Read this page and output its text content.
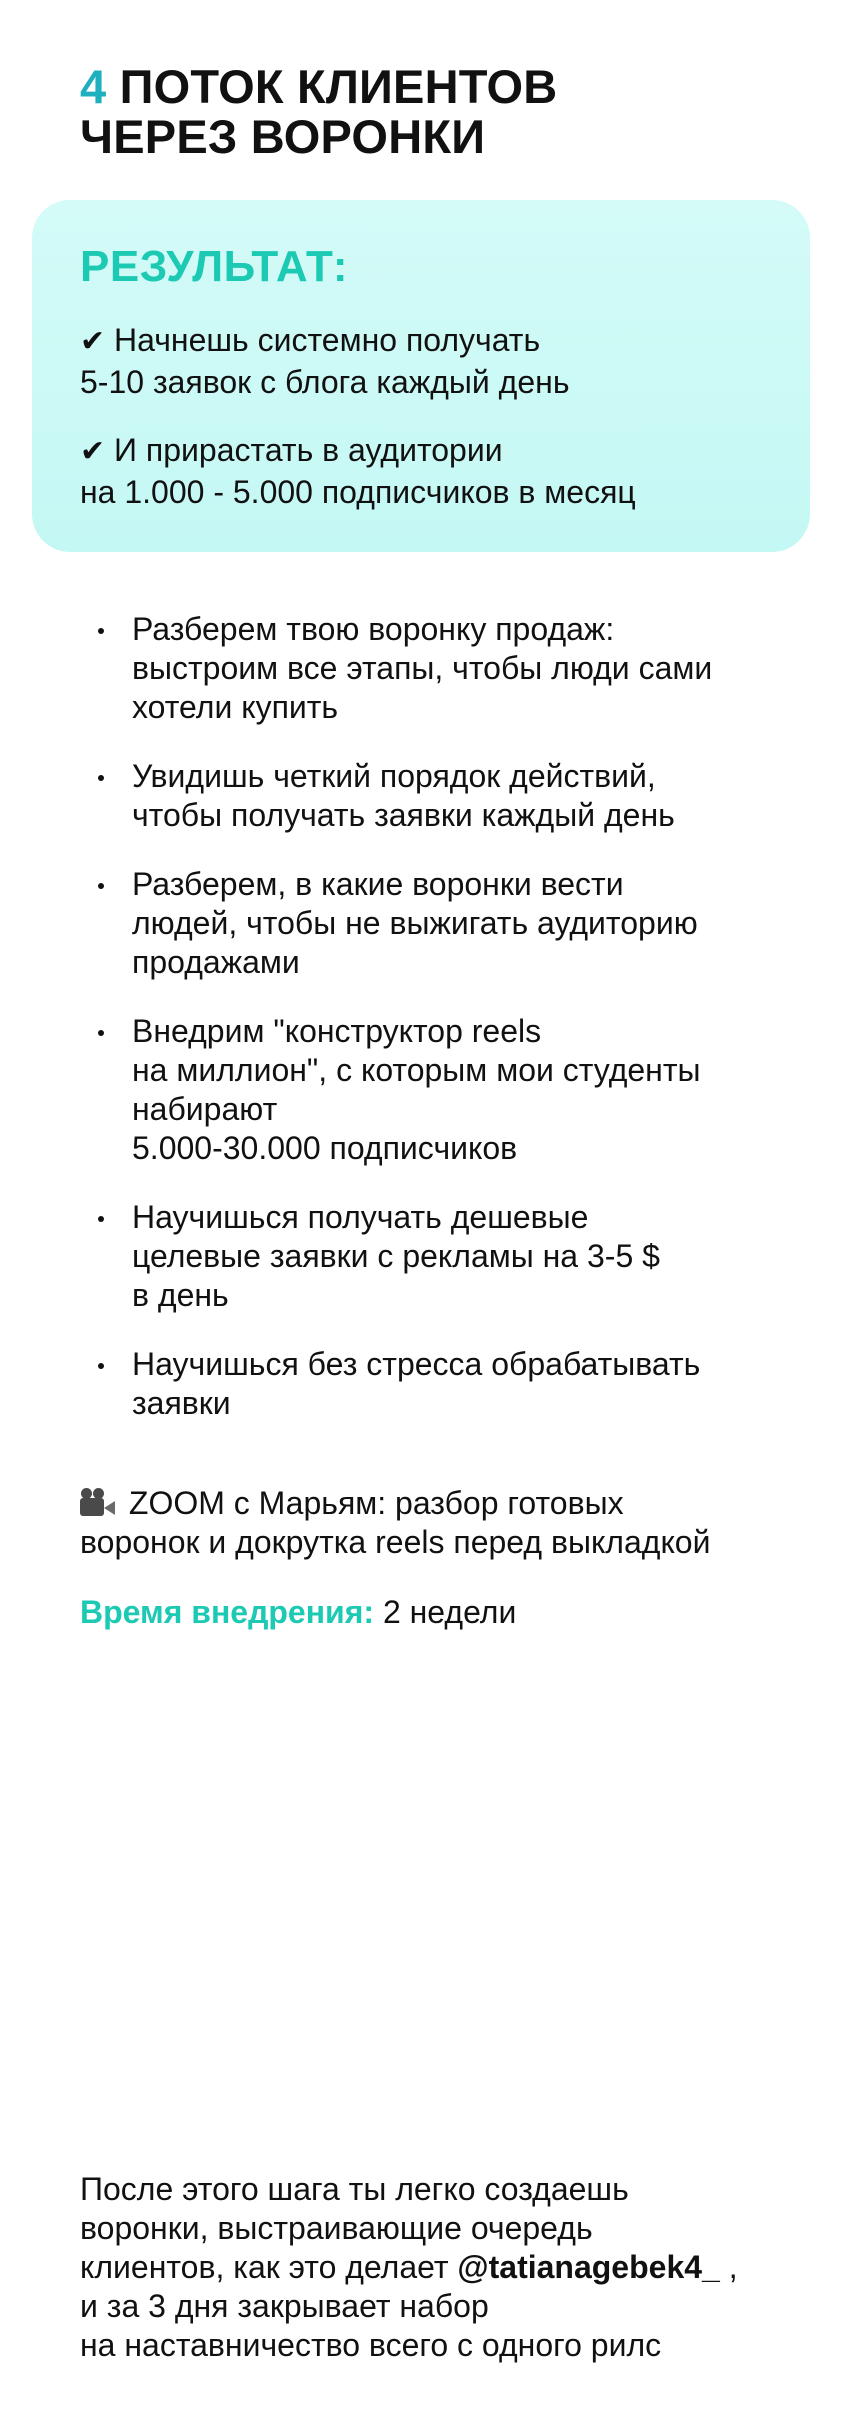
4 ПОТОК КЛИЕНТОВ
ЧЕРЕЗ ВОРОНКИ
РЕЗУЛЬТАТ:
✔ Начнешь системно получать
5-10 заявок с блога каждый день
✔ И прирастать в аудитории
на 1.000 - 5.000 подписчиков в месяц
Разберем твою воронку продаж:
выстроим все этапы, чтобы люди сами
хотели купить
Увидишь четкий порядок действий,
чтобы получать заявки каждый день
Разберем, в какие воронки вести
людей, чтобы не выжигать аудиторию
продажами
Внедрим "конструктор reels
на миллион", с которым мои студенты
набирают
5.000-30.000 подписчиков
Научишься получать дешевые
целевые заявки с рекламы на 3-5 $
в день
Научишься без стресса обрабатывать
заявки
ZOOM с Марьям: разбор готовых
воронок и докрутка reels перед выкладкой
Время внедрения: 2 недели
После этого шага ты легко создаешь
воронки, выстраивающие очередь
клиентов, как это делает @tatianagebek4_ ,
и за 3 дня закрывает набор
на наставничество всего с одного рилс
